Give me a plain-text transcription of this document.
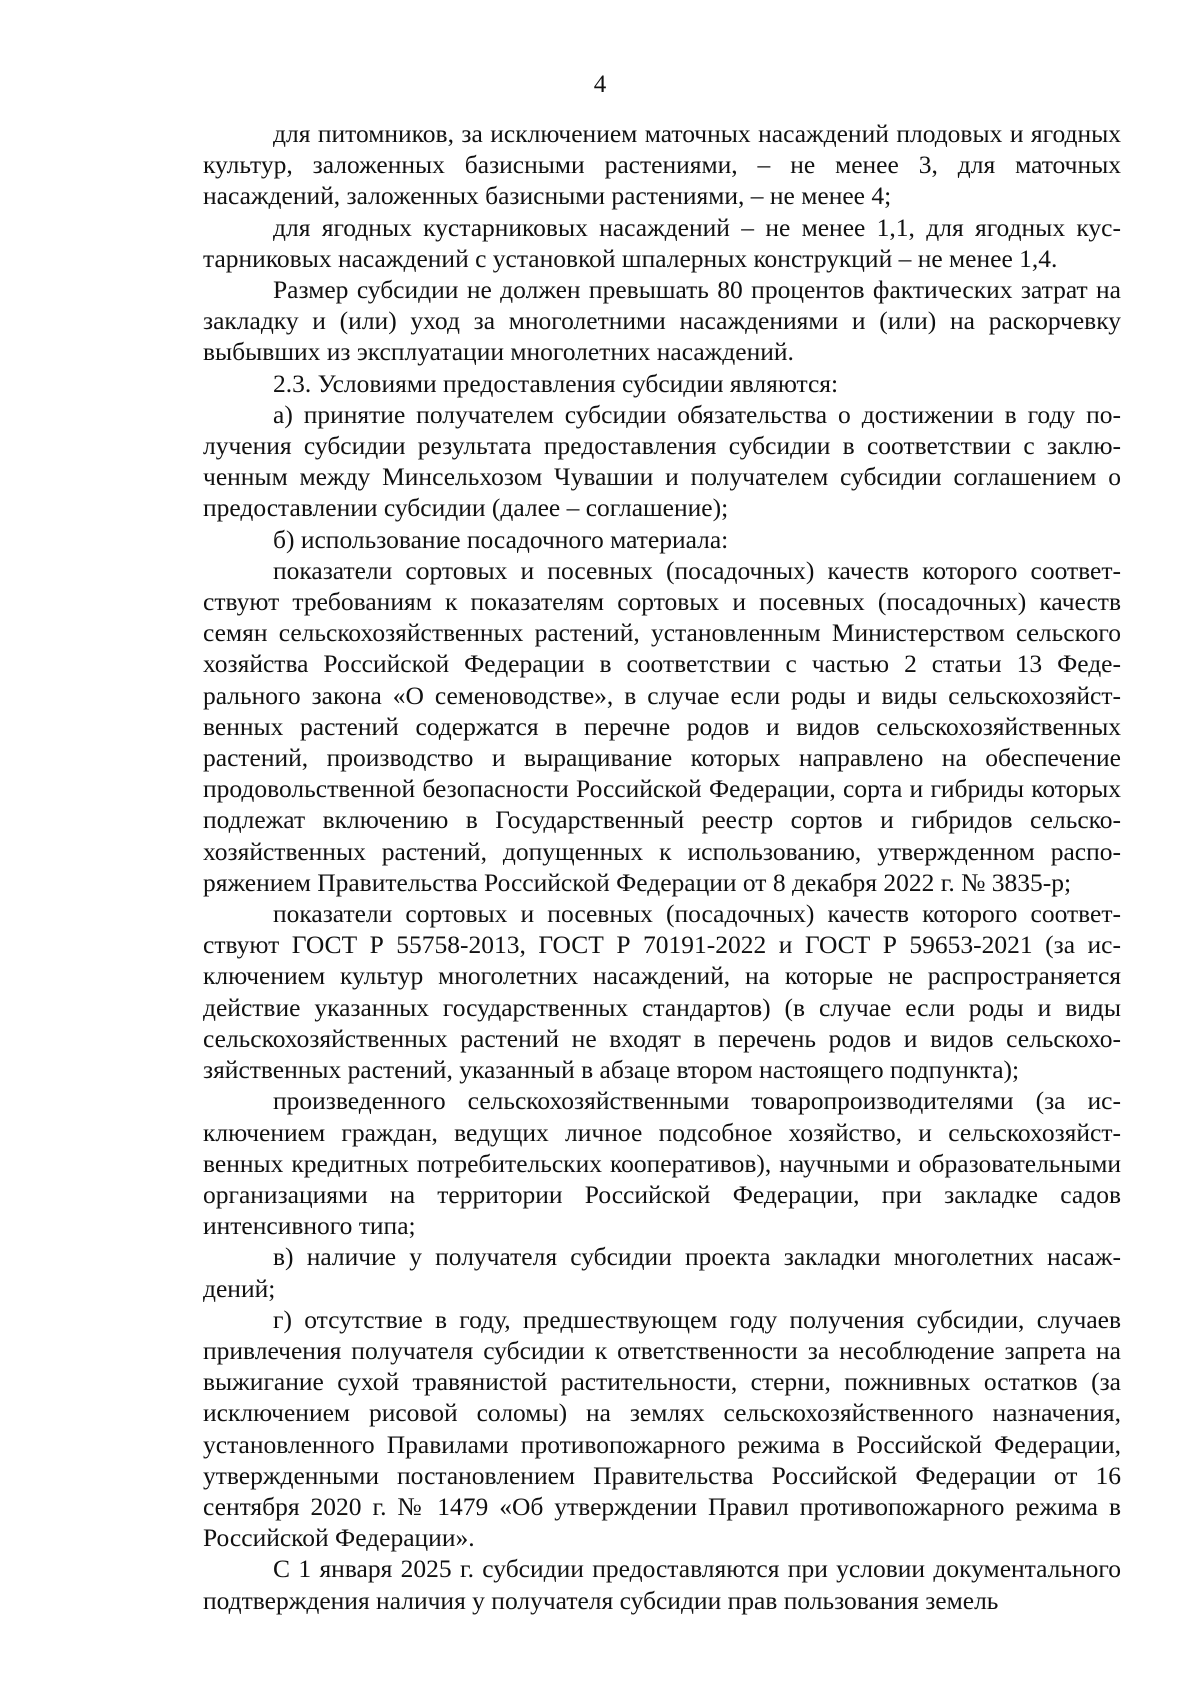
4

для питомников, за исключением маточных насаждений плодовых и ягодных культур, заложенных базисными растениями, – не менее 3, для маточных насаждений, заложенных базисными растениями, – не менее 4;

для ягодных кустарниковых насаждений – не менее 1,1, для ягодных кустарниковых насаждений с установкой шпалерных конструкций – не менее 1,4.

Размер субсидии не должен превышать 80 процентов фактических затрат на закладку и (или) уход за многолетними насаждениями и (или) на раскорчевку выбывших из эксплуатации многолетних насаждений.

2.3. Условиями предоставления субсидии являются:

а) принятие получателем субсидии обязательства о достижении в году получения субсидии результата предоставления субсидии в соответствии с заключенным между Минсельхозом Чувашии и получателем субсидии соглашением о предоставлении субсидии (далее – соглашение);

б) использование посадочного материала:

показатели сортовых и посевных (посадочных) качеств которого соответствуют требованиям к показателям сортовых и посевных (посадочных) качеств семян сельскохозяйственных растений, установленным Министерством сельского хозяйства Российской Федерации в соответствии с частью 2 статьи 13 Федерального закона «О семеноводстве», в случае если роды и виды сельскохозяйственных растений содержатся в перечне родов и видов сельскохозяйственных растений, производство и выращивание которых направлено на обеспечение продовольственной безопасности Российской Федерации, сорта и гибриды которых подлежат включению в Государственный реестр сортов и гибридов сельскохозяйственных растений, допущенных к использованию, утвержденном распоряжением Правительства Российской Федерации от 8 декабря 2022 г. № 3835-р;

показатели сортовых и посевных (посадочных) качеств которого соответствуют ГОСТ Р 55758-2013, ГОСТ Р 70191-2022 и ГОСТ Р 59653-2021 (за исключением культур многолетних насаждений, на которые не распространяется действие указанных государственных стандартов) (в случае если роды и виды сельскохозяйственных растений не входят в перечень родов и видов сельскохозяйственных растений, указанный в абзаце втором настоящего подпункта);

произведенного сельскохозяйственными товаропроизводителями (за исключением граждан, ведущих личное подсобное хозяйство, и сельскохозяйственных кредитных потребительских кооперативов), научными и образовательными организациями на территории Российской Федерации, при закладке садов интенсивного типа;

в) наличие у получателя субсидии проекта закладки многолетних насаждений;

г) отсутствие в году, предшествующем году получения субсидии, случаев привлечения получателя субсидии к ответственности за несоблюдение запрета на выжигание сухой травянистой растительности, стерни, пожнивных остатков (за исключением рисовой соломы) на землях сельскохозяйственного назначения, установленного Правилами противопожарного режима в Российской Федерации, утвержденными постановлением Правительства Российской Федерации от 16 сентября 2020 г. № 1479 «Об утверждении Правил противопожарного режима в Российской Федерации».

С 1 января 2025 г. субсидии предоставляются при условии документального подтверждения наличия у получателя субсидии прав пользования земель
